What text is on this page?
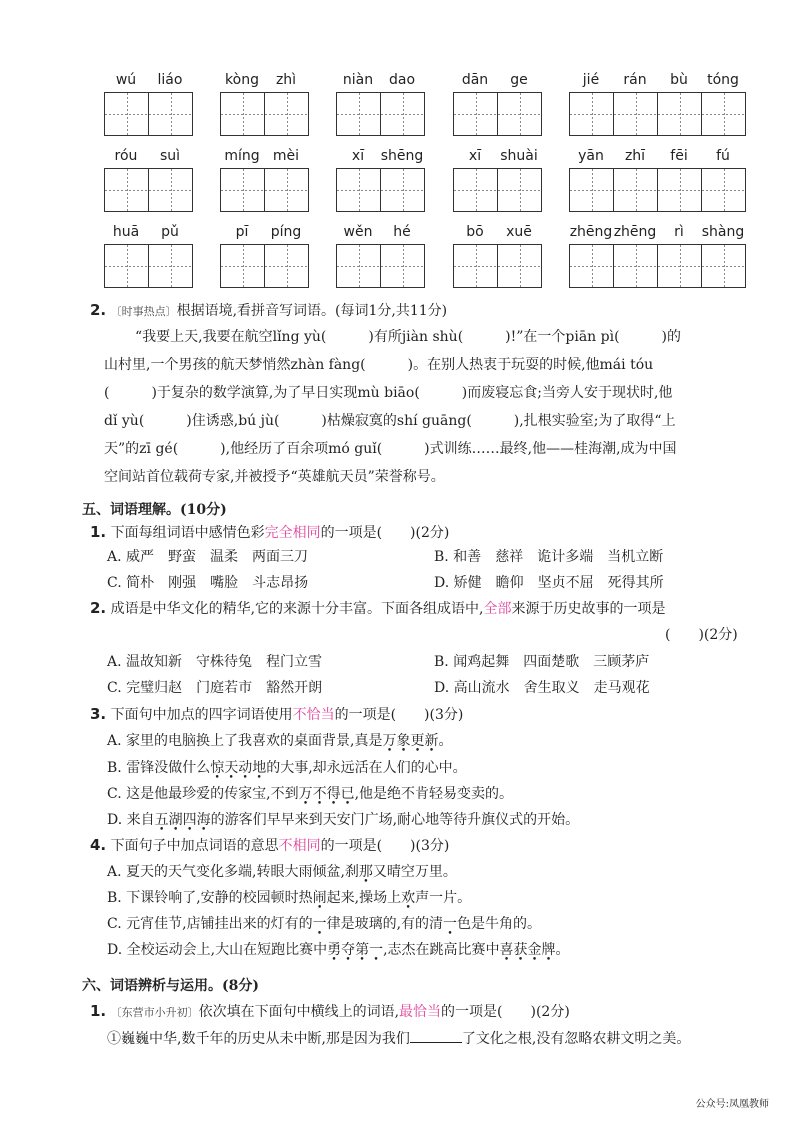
wú	liáo	kòng	zhì	niàn	dao	dān	ge	jié	rán	bù	tóng
róu	suì	míng mèi	xī	shēng	xī	shuài	yān	zhī	fēi	fú
huā	pǔ	pī	píng	wěn	hé	bō	xuē	zhēng zhēng	rì	shàng
2. 〔时事热点〕根据语境,看拼音写词语。(每词1分,共11分)
“我要上天,我要在航空lǐng yù(　　　)有所jiàn shù(　　　)!”在一个piān pì(　　　)的
山村里,一个男孩的航天梦悄然zhàn fàng(　　　)。在别人热衷于玩耍的时候,他mái tóu
(　　　)于复杂的数学演算,为了早日实现mù biāo(　　　)而废寝忘食;当旁人安于现状时,他
dǐ yù(　　　)住诱惑,bú jù(　　　)枯燥寂寞的shí guāng(　　　),扎根实验室;为了取得“上
天”的zī gé(　　　),他经历了百余项mó guǐ(　　　)式训练……最终,他——桂海潮,成为中国
空间站首位载荷专家,并被授予“英雄航天员”荣誉称号。
五、词语理解。(10分)
1. 下面每组词语中感情色彩完全相同的一项是(　　)(2分)
A. 威严　野蛮　温柔　两面三刀	B. 和善　慈祥　诡计多端　当机立断
C. 简朴　刚强　嘴脸　斗志昂扬	D. 矫健　瞻仰　坚贞不屈　死得其所
2. 成语是中华文化的精华,它的来源十分丰富。下面各组成语中,全部来源于历史故事的一项是
(　　)(2分)
A. 温故知新　守株待兔　程门立雪	B. 闻鸡起舞　四面楚歌　三顾茅庐
C. 完璧归赵　门庭若市　豁然开朗	D. 高山流水　舍生取义　走马观花
3. 下面句中加点的四字词语使用不恰当的一项是(　　)(3分)
A. 家里的电脑换上了我喜欢的桌面背景,真是万象更新。
B. 雷锋没做什么惊天动地的大事,却永远活在人们的心中。
C. 这是他最珍爱的传家宝,不到万不得已,他是绝不肯轻易变卖的。
D. 来自五湖四海的游客们早早来到天安门广场,耐心地等待升旗仪式的开始。
4. 下面句子中加点词语的意思不相同的一项是(　　)(3分)
A. 夏天的天气变化多端,转眼大雨倾盆,刹那又晴空万里。
B. 下课铃响了,安静的校园顿时热闹起来,操场上欢声一片。
C. 元宵佳节,店铺挂出来的灯有的一律是玻璃的,有的清一色是牛角的。
D. 全校运动会上,大山在短跑比赛中勇夺第一,志杰在跳高比赛中喜获金牌。
六、词语辨析与运用。(8分)
1. 〔东营市小升初〕依次填在下面句中横线上的词语,最恰当的一项是(　　)(2分)
①巍巍中华,数千年的历史从未中断,那是因为我们	了文化之根,没有忽略农耕文明之美。
公众号:凤凰教师
